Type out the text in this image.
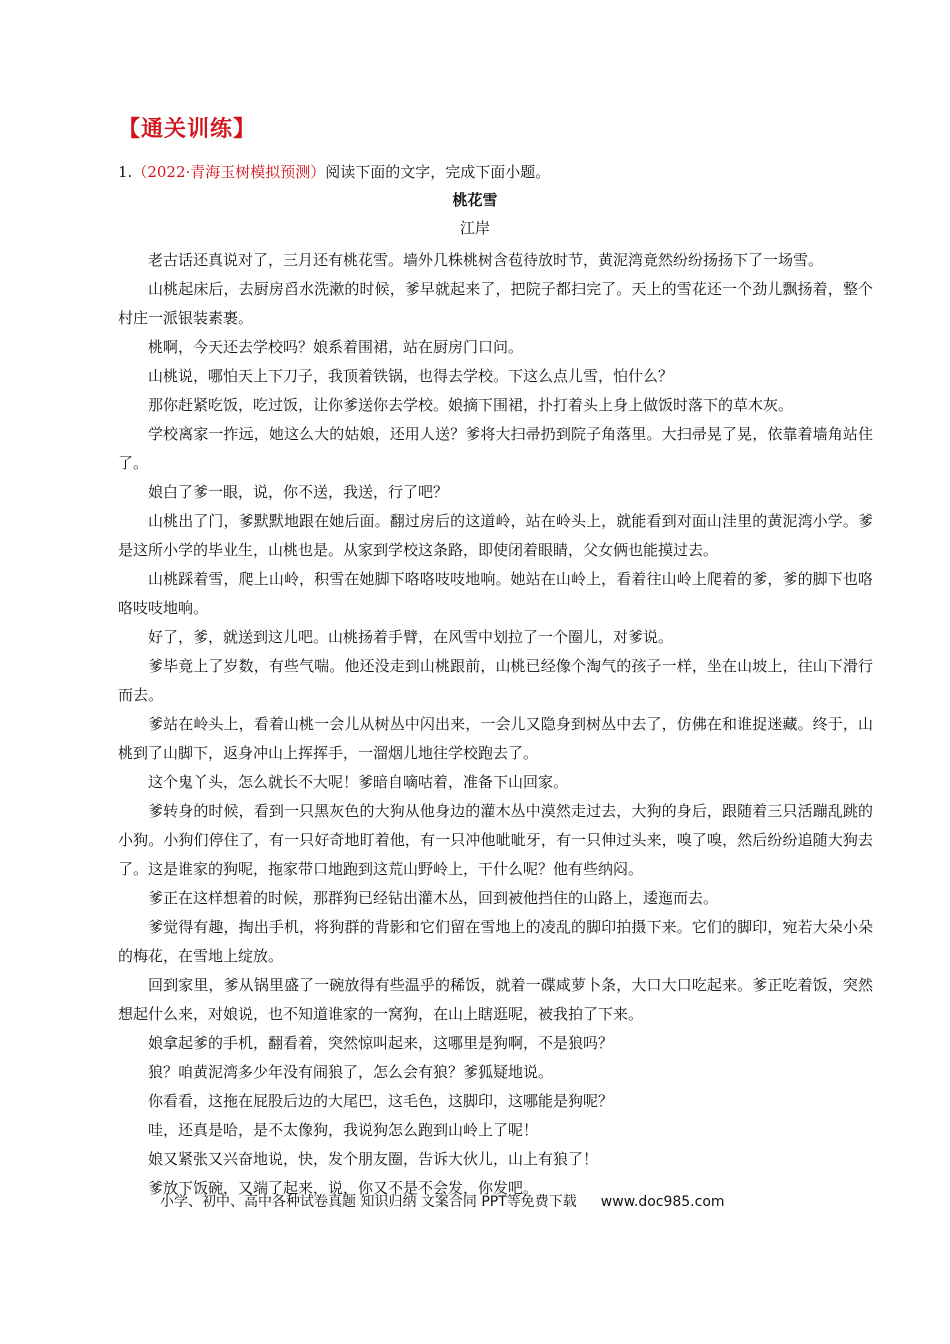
【通关训练】
1.（2022·青海玉树模拟预测）阅读下面的文字，完成下面小题。
桃花雪
江岸

老古话还真说对了，三月还有桃花雪。墙外几株桃树含苞待放时节，黄泥湾竟然纷纷扬扬下了一场雪。

山桃起床后，去厨房舀水洗漱的时候，爹早就起来了，把院子都扫完了。天上的雪花还一个劲儿飘扬着，整个村庄一派银装素裹。

桃啊，今天还去学校吗？娘系着围裙，站在厨房门口问。

山桃说，哪怕天上下刀子，我顶着铁锅，也得去学校。下这么点儿雪，怕什么？

那你赶紧吃饭，吃过饭，让你爹送你去学校。娘摘下围裙，扑打着头上身上做饭时落下的草木灰。

学校离家一拃远，她这么大的姑娘，还用人送？爹将大扫帚扔到院子角落里。大扫帚晃了晃，依靠着墙角站住了。

娘白了爹一眼，说，你不送，我送，行了吧？

山桃出了门，爹默默地跟在她后面。翻过房后的这道岭，站在岭头上，就能看到对面山洼里的黄泥湾小学。爹是这所小学的毕业生，山桃也是。从家到学校这条路，即使闭着眼睛，父女俩也能摸过去。

山桃踩着雪，爬上山岭，积雪在她脚下咯咯吱吱地响。她站在山岭上，看着往山岭上爬着的爹，爹的脚下也咯咯吱吱地响。

好了，爹，就送到这儿吧。山桃扬着手臂，在风雪中划拉了一个圈儿，对爹说。

爹毕竟上了岁数，有些气喘。他还没走到山桃跟前，山桃已经像个淘气的孩子一样，坐在山坡上，往山下滑行而去。

爹站在岭头上，看着山桃一会儿从树丛中闪出来，一会儿又隐身到树丛中去了，仿佛在和谁捉迷藏。终于，山桃到了山脚下，返身冲山上挥挥手，一溜烟儿地往学校跑去了。

这个鬼丫头，怎么就长不大呢！爹暗自嘀咕着，准备下山回家。

爹转身的时候，看到一只黑灰色的大狗从他身边的灌木丛中漠然走过去，大狗的身后，跟随着三只活蹦乱跳的小狗。小狗们停住了，有一只好奇地盯着他，有一只冲他呲呲牙，有一只伸过头来，嗅了嗅，然后纷纷追随大狗去了。这是谁家的狗呢，拖家带口地跑到这荒山野岭上，干什么呢？他有些纳闷。

爹正在这样想着的时候，那群狗已经钻出灌木丛，回到被他挡住的山路上，逶迤而去。

爹觉得有趣，掏出手机，将狗群的背影和它们留在雪地上的凌乱的脚印拍摄下来。它们的脚印，宛若大朵小朵的梅花，在雪地上绽放。

回到家里，爹从锅里盛了一碗放得有些温乎的稀饭，就着一碟咸萝卜条，大口大口吃起来。爹正吃着饭，突然想起什么来，对娘说，也不知道谁家的一窝狗，在山上瞎逛呢，被我拍了下来。

娘拿起爹的手机，翻看着，突然惊叫起来，这哪里是狗啊，不是狼吗？

狼？咱黄泥湾多少年没有闹狼了，怎么会有狼？爹狐疑地说。

你看看，这拖在屁股后边的大尾巴，这毛色，这脚印，这哪能是狗呢？

哇，还真是哈，是不太像狗，我说狗怎么跑到山岭上了呢！

娘又紧张又兴奋地说，快，发个朋友圈，告诉大伙儿，山上有狼了！

爹放下饭碗，又端了起来，说，你又不是不会发，你发吧。

小学、初中、高中各种试卷真题 知识归纳 文案合同 PPT等免费下载 www.doc985.com
